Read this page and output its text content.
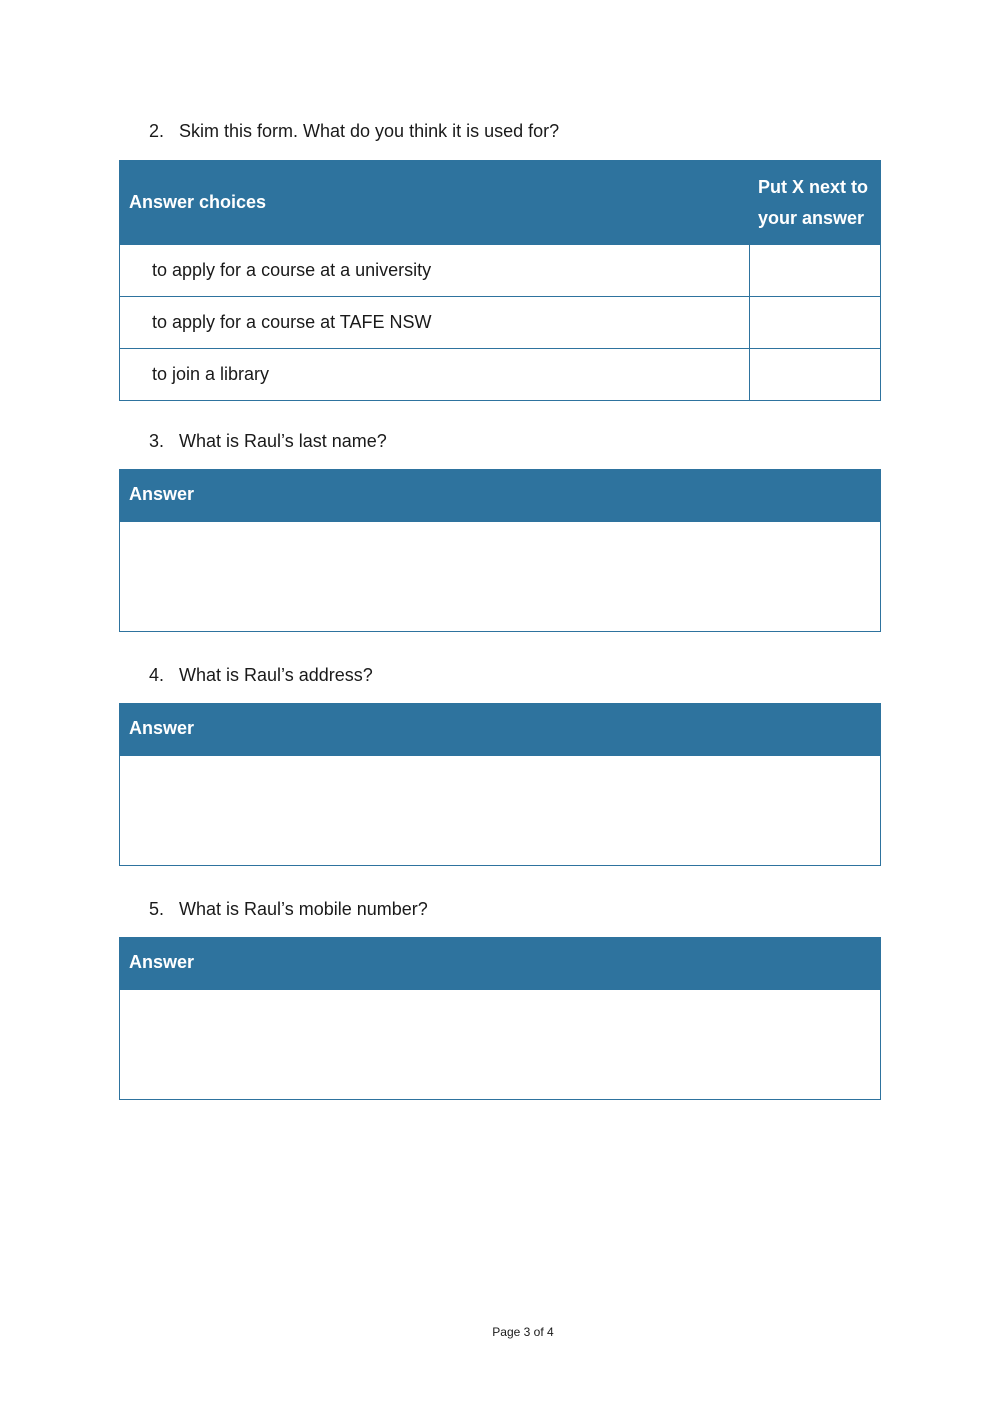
2. Skim this form. What do you think it is used for?
Answer choices	Put X next to
your answer
to apply for a course at a university	
to apply for a course at TAFE NSW	
to join a library	
3. What is Raul’s last name?
Answer
4. What is Raul’s address?
Answer
5. What is Raul’s mobile number?
Answer
Page 3 of 4
